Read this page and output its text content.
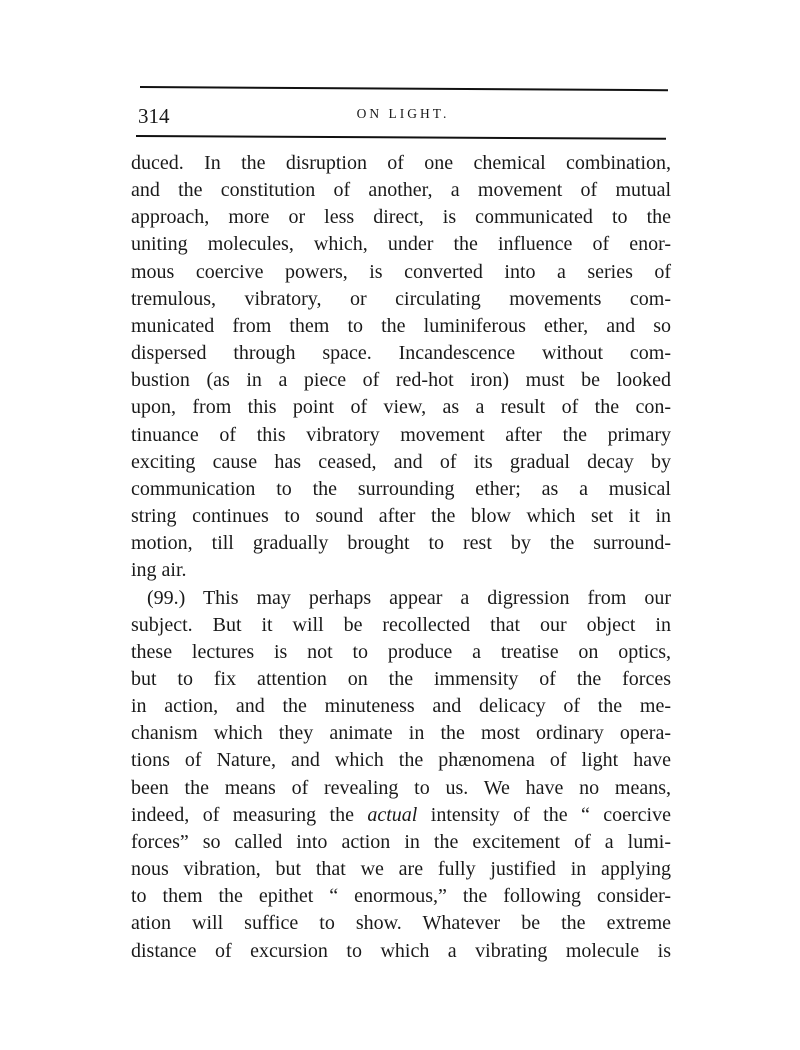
314	ON LIGHT.
duced. In the disruption of one chemical combination,
and the constitution of another, a movement of mutual
approach, more or less direct, is communicated to the
uniting molecules, which, under the influence of enor-
mous coercive powers, is converted into a series of
tremulous, vibratory, or circulating movements com-
municated from them to the luminiferous ether, and so
dispersed through space. Incandescence without com-
bustion (as in a piece of red-hot iron) must be looked
upon, from this point of view, as a result of the con-
tinuance of this vibratory movement after the primary
exciting cause has ceased, and of its gradual decay by
communication to the surrounding ether; as a musical
string continues to sound after the blow which set it in
motion, till gradually brought to rest by the surround-
ing air.
(99.) This may perhaps appear a digression from our
subject. But it will be recollected that our object in
these lectures is not to produce a treatise on optics,
but to fix attention on the immensity of the forces
in action, and the minuteness and delicacy of the me-
chanism which they animate in the most ordinary opera-
tions of Nature, and which the phænomena of light have
been the means of revealing to us. We have no means,
indeed, of measuring the actual intensity of the “ coercive
forces” so called into action in the excitement of a lumi-
nous vibration, but that we are fully justified in applying
to them the epithet “ enormous,” the following consider-
ation will suffice to show. Whatever be the extreme
distance of excursion to which a vibrating molecule is
